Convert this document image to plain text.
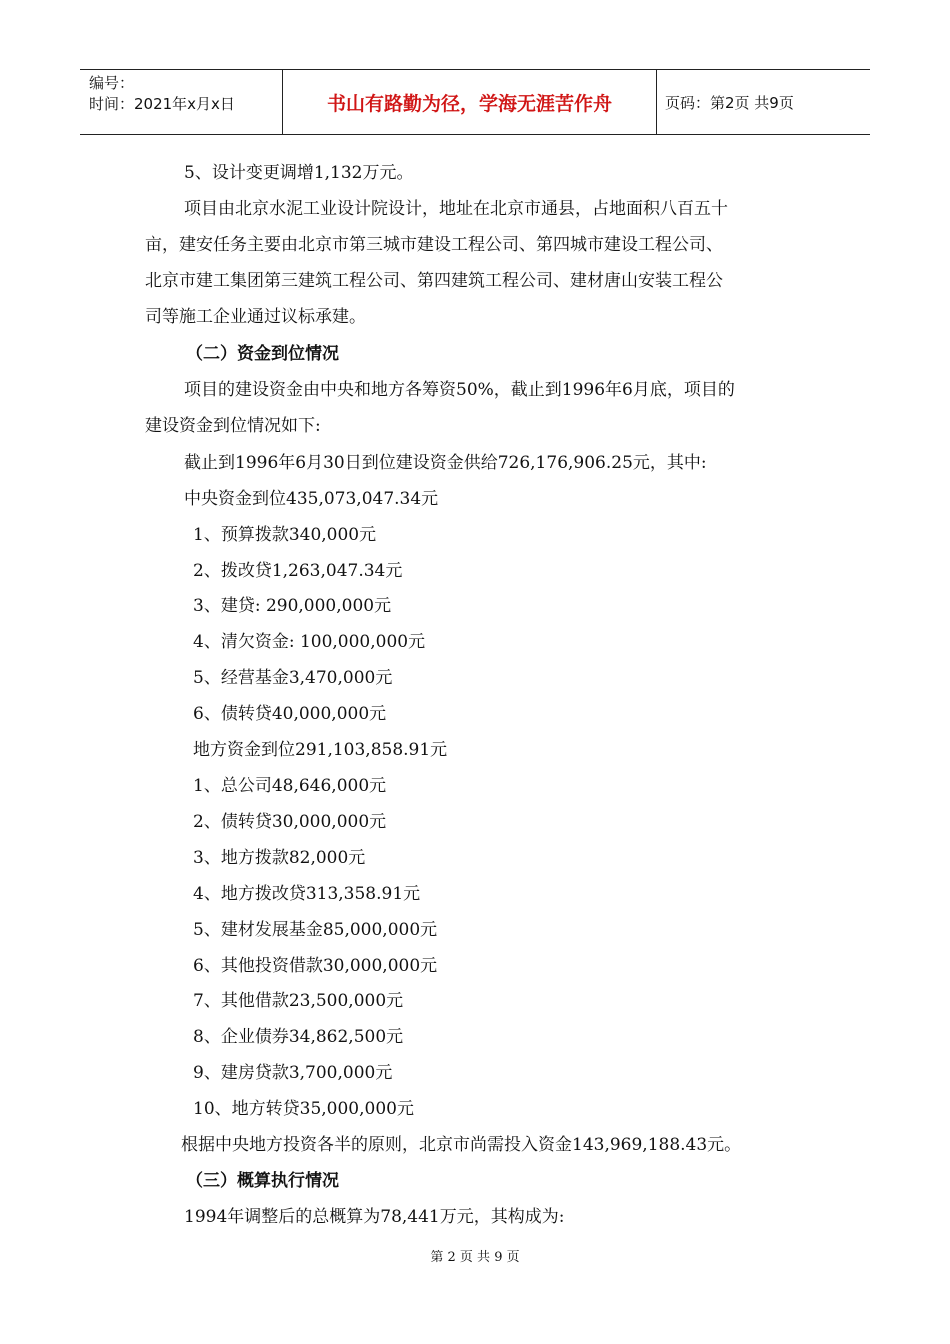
编号：
时间：2021年x月x日	书山有路勤为径，学海无涯苦作舟	页码：第2页 共9页
5、设计变更调增1,132万元。
项目由北京水泥工业设计院设计，地址在北京市通县，占地面积八百五十
亩，建安任务主要由北京市第三城市建设工程公司、第四城市建设工程公司、
北京市建工集团第三建筑工程公司、第四建筑工程公司、建材唐山安装工程公
司等施工企业通过议标承建。
（二）资金到位情况
项目的建设资金由中央和地方各筹资50%，截止到1996年6月底，项目的
建设资金到位情况如下:
截止到1996年6月30日到位建设资金供给726,176,906.25元，其中:
中央资金到位435,073,047.34元
1、预算拨款340,000元
2、拨改贷1,263,047.34元
3、建贷: 290,000,000元
4、清欠资金: 100,000,000元
5、经营基金3,470,000元
6、债转贷40,000,000元
地方资金到位291,103,858.91元
1、总公司48,646,000元
2、债转贷30,000,000元
3、地方拨款82,000元
4、地方拨改贷313,358.91元
5、建材发展基金85,000,000元
6、其他投资借款30,000,000元
7、其他借款23,500,000元
8、企业债券34,862,500元
9、建房贷款3,700,000元
10、地方转贷35,000,000元
根据中央地方投资各半的原则，北京市尚需投入资金143,969,188.43元。
（三）概算执行情况
1994年调整后的总概算为78,441万元，其构成为:
第 2 页 共 9 页
